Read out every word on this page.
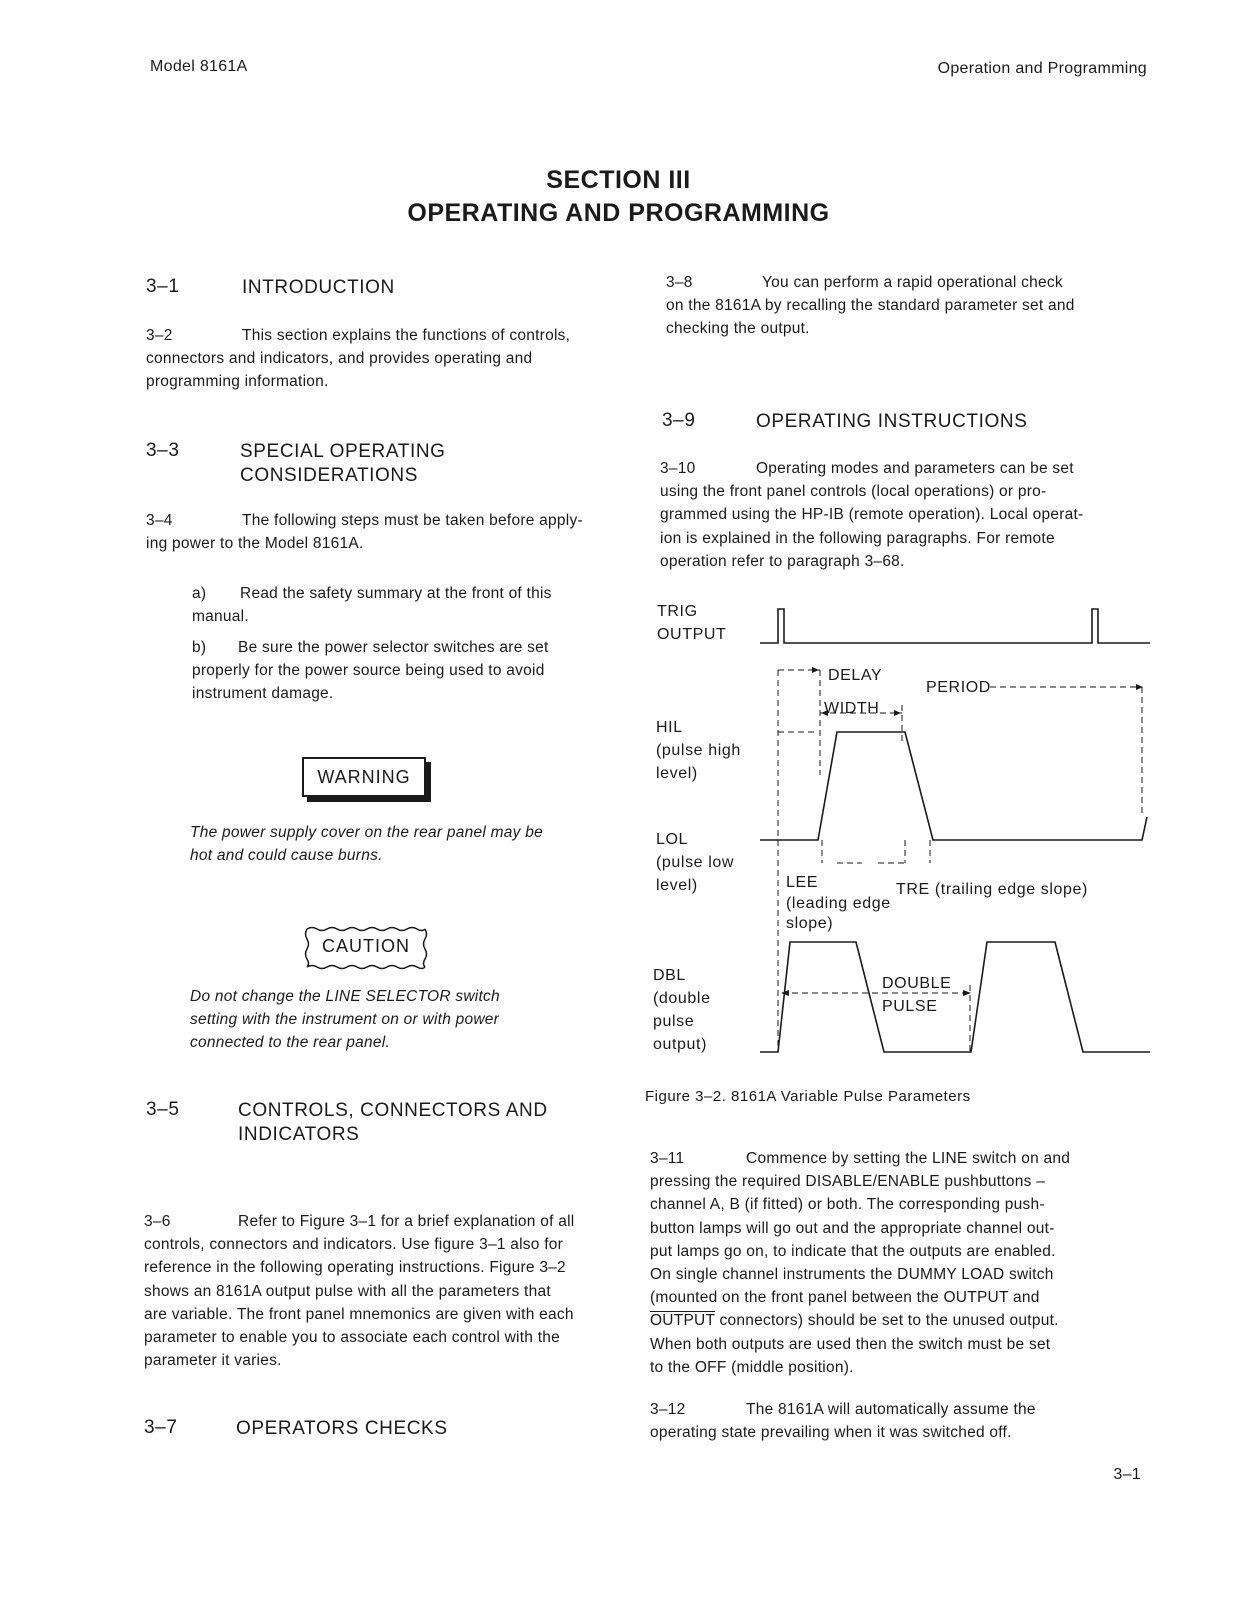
Model 8161A	Operation and Programming
SECTION III
OPERATING AND PROGRAMMING
3–1	INTRODUCTION
3–2	This section explains the functions of controls,
connectors and indicators, and provides operating and
programming information.
3–3	SPECIAL OPERATING
CONSIDERATIONS
3–4	The following steps must be taken before apply-
ing power to the Model 8161A.
a) Read the safety summary at the front of this
manual.
b) Be sure the power selector switches are set
properly for the power source being used to avoid
instrument damage.
WARNING
The power supply cover on the rear panel may be
hot and could cause burns.
CAUTION
Do not change the LINE SELECTOR switch
setting with the instrument on or with power
connected to the rear panel.
3–5	CONTROLS, CONNECTORS AND
INDICATORS
3–6	Refer to Figure 3–1 for a brief explanation of all
controls, connectors and indicators. Use figure 3–1 also for
reference in the following operating instructions. Figure 3–2
shows an 8161A output pulse with all the parameters that
are variable. The front panel mnemonics are given with each
parameter to enable you to associate each control with the
parameter it varies.
3–7	OPERATORS CHECKS
3–8	You can perform a rapid operational check
on the 8161A by recalling the standard parameter set and
checking the output.
3–9	OPERATING INSTRUCTIONS
3–10	Operating modes and parameters can be set
using the front panel controls (local operations) or pro-
grammed using the HP-IB (remote operation). Local operat-
ion is explained in the following paragraphs. For remote
operation refer to paragraph 3–68.
TRIG
OUTPUT
HIL
(pulse high
level)
LOL
(pulse low
level)
DBL
(double
pulse
output)
DELAY
PERIOD
WIDTH
LEE
(leading edge
slope)
TRE (trailing edge slope)
DOUBLE
PULSE
Figure 3–2. 8161A Variable Pulse Parameters
3–11	Commence by setting the LINE switch on and
pressing the required DISABLE/ENABLE pushbuttons –
channel A, B (if fitted) or both. The corresponding push-
button lamps will go out and the appropriate channel out-
put lamps go on, to indicate that the outputs are enabled.
On single channel instruments the DUMMY LOAD switch
(mounted on the front panel between the OUTPUT and
OUTPUT connectors) should be set to the unused output.
When both outputs are used then the switch must be set
to the OFF (middle position).
3–12	The 8161A will automatically assume the
operating state prevailing when it was switched off.
3–1
